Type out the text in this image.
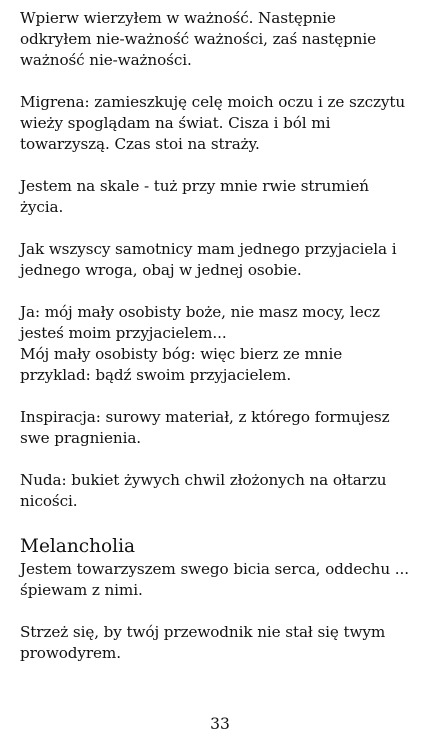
Wpierw wierzyłem w ważność. Następnie
odkryłem nie-ważność ważności, zaś następnie
ważność nie-ważności.

Migrena: zamieszkuję celę moich oczu i ze szczytu
wieży spoglądam na świat. Cisza i ból mi
towarzyszą. Czas stoi na straży.

Jestem na skale - tuż przy mnie rwie strumień
życia.

Jak wszyscy samotnicy mam jednego przyjaciela i
jednego wroga, obaj w jednej osobie.

Ja: mój mały osobisty boże, nie masz mocy, lecz
jesteś moim przyjacielem...
Mój mały osobisty bóg: więc bierz ze mnie
przyklad: bądź swoim przyjacielem.

Inspiracja: surowy materiał, z którego formujesz
swe pragnienia.

Nuda: bukiet żywych chwil złożonych na ołtarzu
nicości.

Melancholia

Jestem towarzyszem swego bicia serca, oddechu ...
śpiewam z nimi.

Strzeż się, by twój przewodnik nie stał się twym
prowodyrem.

33
